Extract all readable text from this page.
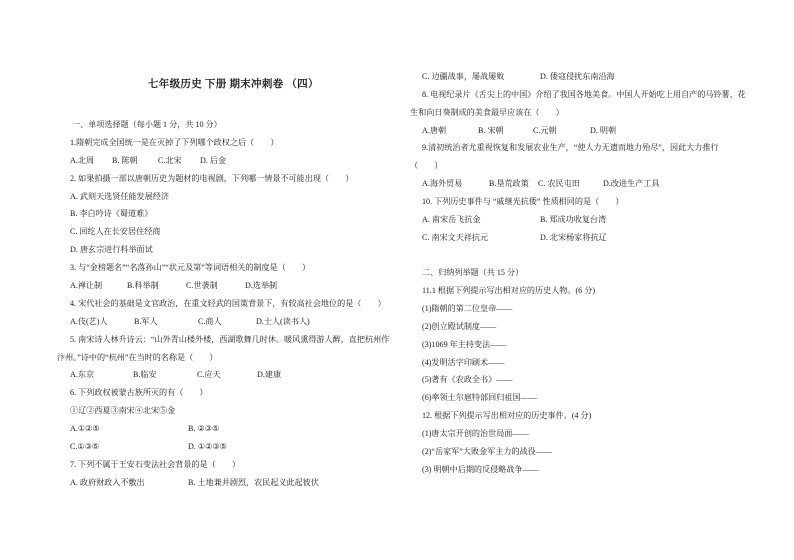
七年级历史 下册 期末冲刺卷 （四）
一、单项选择题（每小题 1 分，共 10 分）
1.隋朝完成全国统一是在灭掉了下列哪个政权之后（　　）
A.北周 B. 陈朝	C.北宋 D. 后金
2. 如果拍摄一部以唐朝历史为题材的电视剧，下列哪一情景不可能出现（　　）
A. 武则天选贤任能发展经济
B. 李白吟诗《蜀道难》
C. 回纥人在长安居住经商
D. 唐玄宗进行科举面试
3. 与“金榜题名”“名落孙山”“状元及第”等词语相关的制度是（　　）
A.禅让制	B.科举制	C.世袭制	D.选举制
4. 宋代社会的基础是文官政治，在重文轻武的国策背景下，有较高社会地位的是（　　）
A.伎(艺)人	B.军人	C.商人	D.士人(读书人)
5. 南宋诗人林升诗云：“山外青山楼外楼，西湖歌舞几时休。暖风熏得游人醉，直把杭州作
汴州。”诗中的“杭州”在当时的名称是（　　）
A.东京	B.临安	C.应天	D.建康
6. 下列政权被蒙古族所灭的有（　　）
①辽②西夏③南宋④北宋⑤金
A.①②⑤	B. ②③⑤
C.①③⑤	D. ①②③⑤
7. 下列不属于王安石变法社会背景的是（　　）
A. 政府财政入不敷出	B. 土地兼并剧烈，农民起义此起彼伏
C. 边疆战事，屡战屡败	D. 倭寇侵扰东南沿海
8. 电视纪录片《舌尖上的中国》介绍了我国各地美食。中国人开始吃上用自产的马铃薯、花
生和向日葵制成的美食最早应该在（　　）
A.唐朝	B. 宋朝	C.元朝	D. 明朝
9.清初统治者尤重视恢复和发展农业生产，“使人力无遗而地力殆尽”，因此大力推行
（　　）
A.海外贸易	B.垦荒政策 C. 农民屯田	D.改进生产工具
10. 下列历史事件与 “戚继光抗倭” 性质相同的是（　　）
A. 南宋岳飞抗金	B. 郑成功收复台湾
C. 南宋文天祥抗元	D. 北宋杨家将抗辽
二、归纳列举题（共 15 分）
11.1 根据下列提示写出相对应的历史人物。(6 分)
(1)隋朝的第二位皇帝——
(2)创立殿试制度——
(3)1069 年主持变法——
(4)发明活字印刷术——
(5)著有《农政全书》——
(6)率领土尔扈特部回归祖国——
12. 根据下列提示写出相对应的历史事件。(4 分)
(1)唐太宗开创的治世局面——
(2)“岳家军”大败金军主力的战役——
(3) 明朝中后期的反侵略战争——
